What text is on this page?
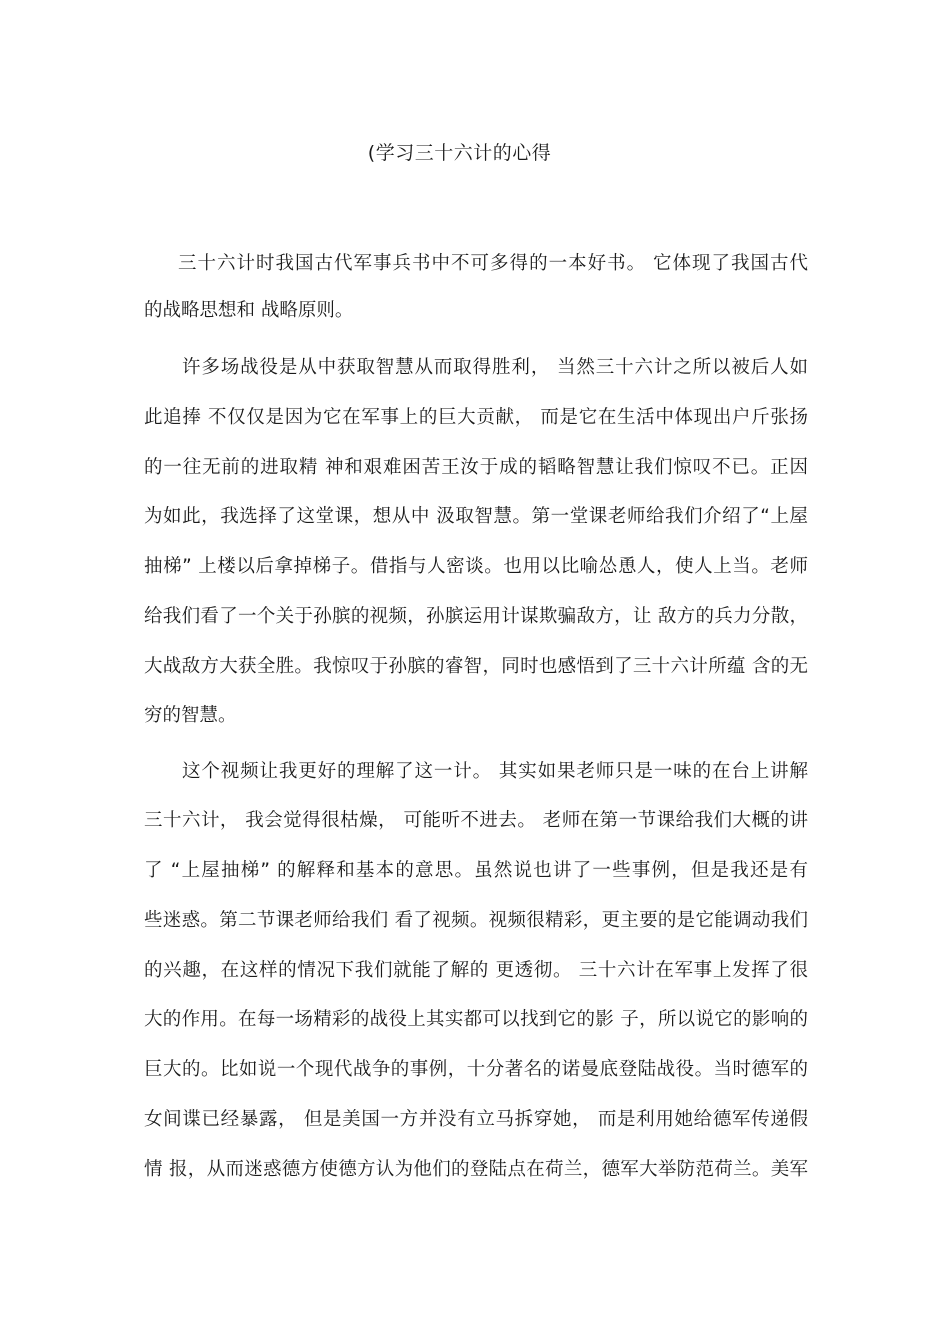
(学习三十六计的心得
三十六计时我国古代军事兵书中不可多得的一本好书。 它体现了我国古代
的战略思想和 战略原则。
许多场战役是从中获取智慧从而取得胜利， 当然三十六计之所以被后人如
此追捧 不仅仅是因为它在军事上的巨大贡献， 而是它在生活中体现出户斤张扬
的一往无前的进取精 神和艰难困苦王汝于成的韬略智慧让我们惊叹不已。正因
为如此，我选择了这堂课，想从中 汲取智慧。第一堂课老师给我们介绍了“上屋
抽梯” 上楼以后拿掉梯子。借指与人密谈。也用以比喻怂恿人，使人上当。老师
给我们看了一个关于孙膑的视频，孙膑运用计谋欺骗敌方，让 敌方的兵力分散，
大战敌方大获全胜。我惊叹于孙膑的睿智，同时也感悟到了三十六计所蕴 含的无
穷的智慧。
这个视频让我更好的理解了这一计。 其实如果老师只是一味的在台上讲解
三十六计， 我会觉得很枯燥， 可能听不进去。 老师在第一节课给我们大概的讲
了 “上屋抽梯” 的解释和基本的意思。虽然说也讲了一些事例，但是我还是有
些迷惑。第二节课老师给我们 看了视频。视频很精彩，更主要的是它能调动我们
的兴趣，在这样的情况下我们就能了解的 更透彻。 三十六计在军事上发挥了很
大的作用。在每一场精彩的战役上其实都可以找到它的影 子，所以说它的影响的
巨大的。比如说一个现代战争的事例，十分著名的诺曼底登陆战役。当时德军的
女间谍已经暴露， 但是美国一方并没有立马拆穿她， 而是利用她给德军传递假
情 报，从而迷惑德方使德方认为他们的登陆点在荷兰，德军大举防范荷兰。美军
